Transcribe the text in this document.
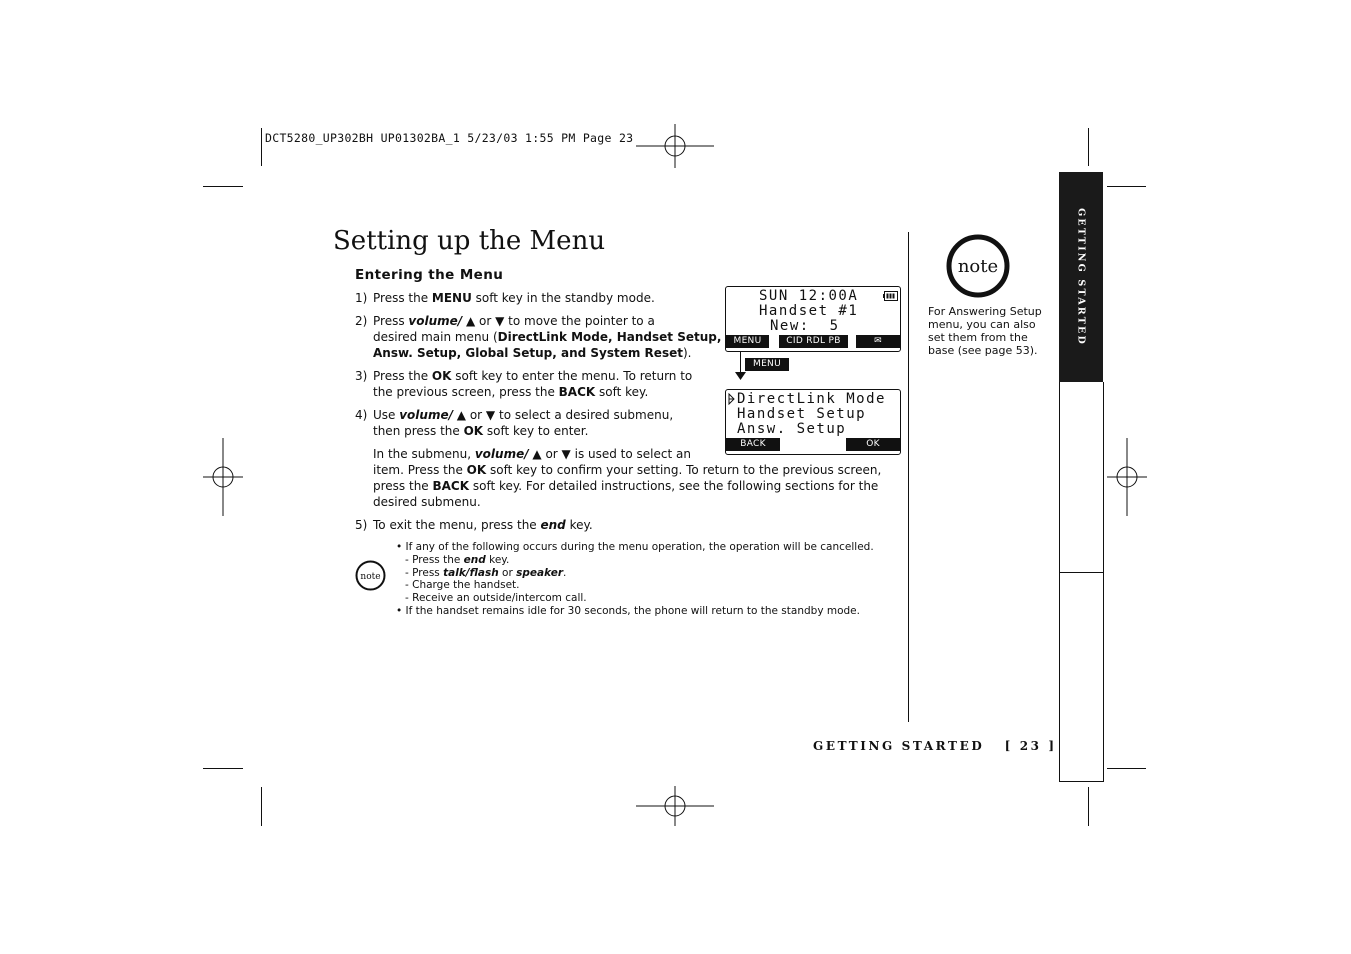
DCT5280_UP302BH UP01302BA_1 5/23/03 1:55 PM Page 23
Setting up the Menu
Entering the Menu
1) Press the MENU soft key in the standby mode.
2) Press volume/ ▲ or ▼ to move the pointer to a
desired main menu (DirectLink Mode, Handset Setup,
Answ. Setup, Global Setup, and System Reset).
3) Press the OK soft key to enter the menu. To return to
the previous screen, press the BACK soft key.
4) Use volume/ ▲ or ▼ to select a desired submenu,
then press the OK soft key to enter.
In the submenu, volume/ ▲ or ▼ is used to select an
item. Press the OK soft key to confirm your setting. To return to the previous screen,
press the BACK soft key. For detailed instructions, see the following sections for the
desired submenu.
5) To exit the menu, press the end key.
note
• If any of the following occurs during the menu operation, the operation will be cancelled.
- Press the end key.
- Press talk/flash or speaker.
- Charge the handset.
- Receive an outside/intercom call.
• If the handset remains idle for 30 seconds, the phone will return to the standby mode.
SUN 12:00A
Handset #1
New:  5
MENU	CID RDL PB	✉
MENU
DirectLink Mode
Handset Setup
Answ. Setup
BACK	OK
note
For Answering Setup
menu, you can also
set them from the
base (see page 53).
GETTING STARTED
GETTING STARTED [ 23 ]
